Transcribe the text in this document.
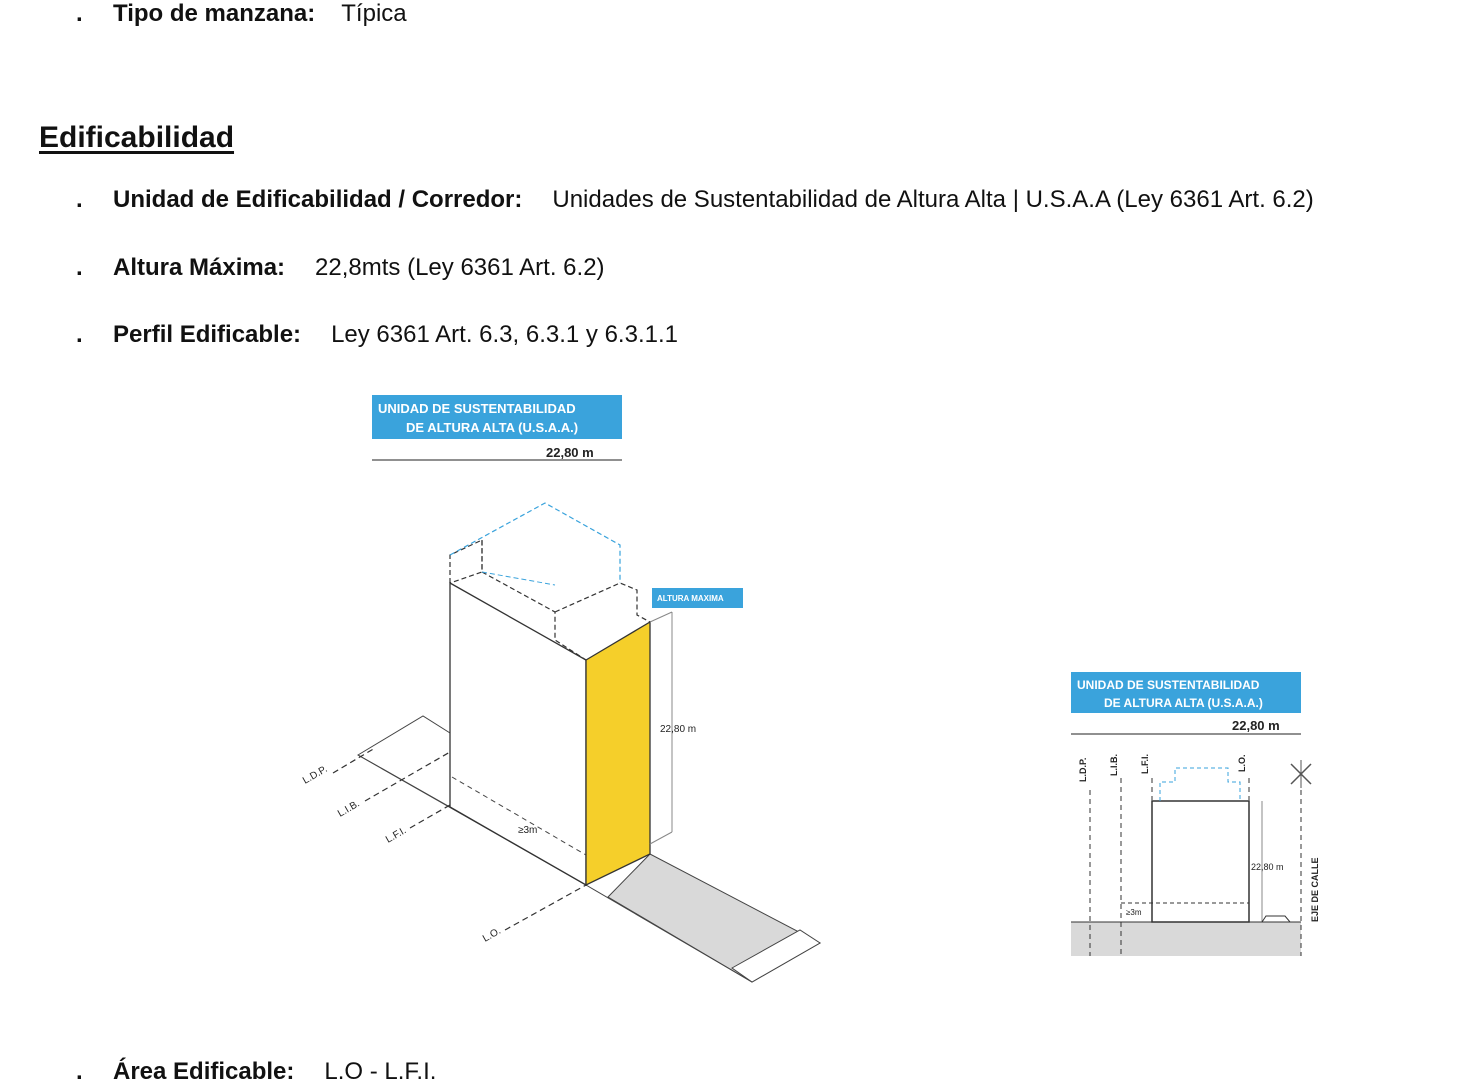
. Tipo de manzana: Típica
Edificabilidad
. Unidad de Edificabilidad / Corredor: Unidades de Sustentabilidad de Altura Alta | U.S.A.A (Ley 6361 Art. 6.2)
. Altura Máxima: 22,8mts (Ley 6361 Art. 6.2)
. Perfil Edificable: Ley 6361 Art. 6.3, 6.3.1 y 6.3.1.1
. Área Edificable: L.O - L.F.I.
UNIDAD DE SUSTENTABILIDAD
DE ALTURA ALTA (U.S.A.A.)
22,80 m
≥3m
ALTURA MAXIMA
22,80 m
L.D.P.
L.I.B.
L.F.I.
L.O.
UNIDAD DE SUSTENTABILIDAD
DE ALTURA ALTA (U.S.A.A.)
22,80 m
L.D.P. L.I.B. L.F.I.	L.O.
EJE DE CALLE
≥3m
22,80 m
